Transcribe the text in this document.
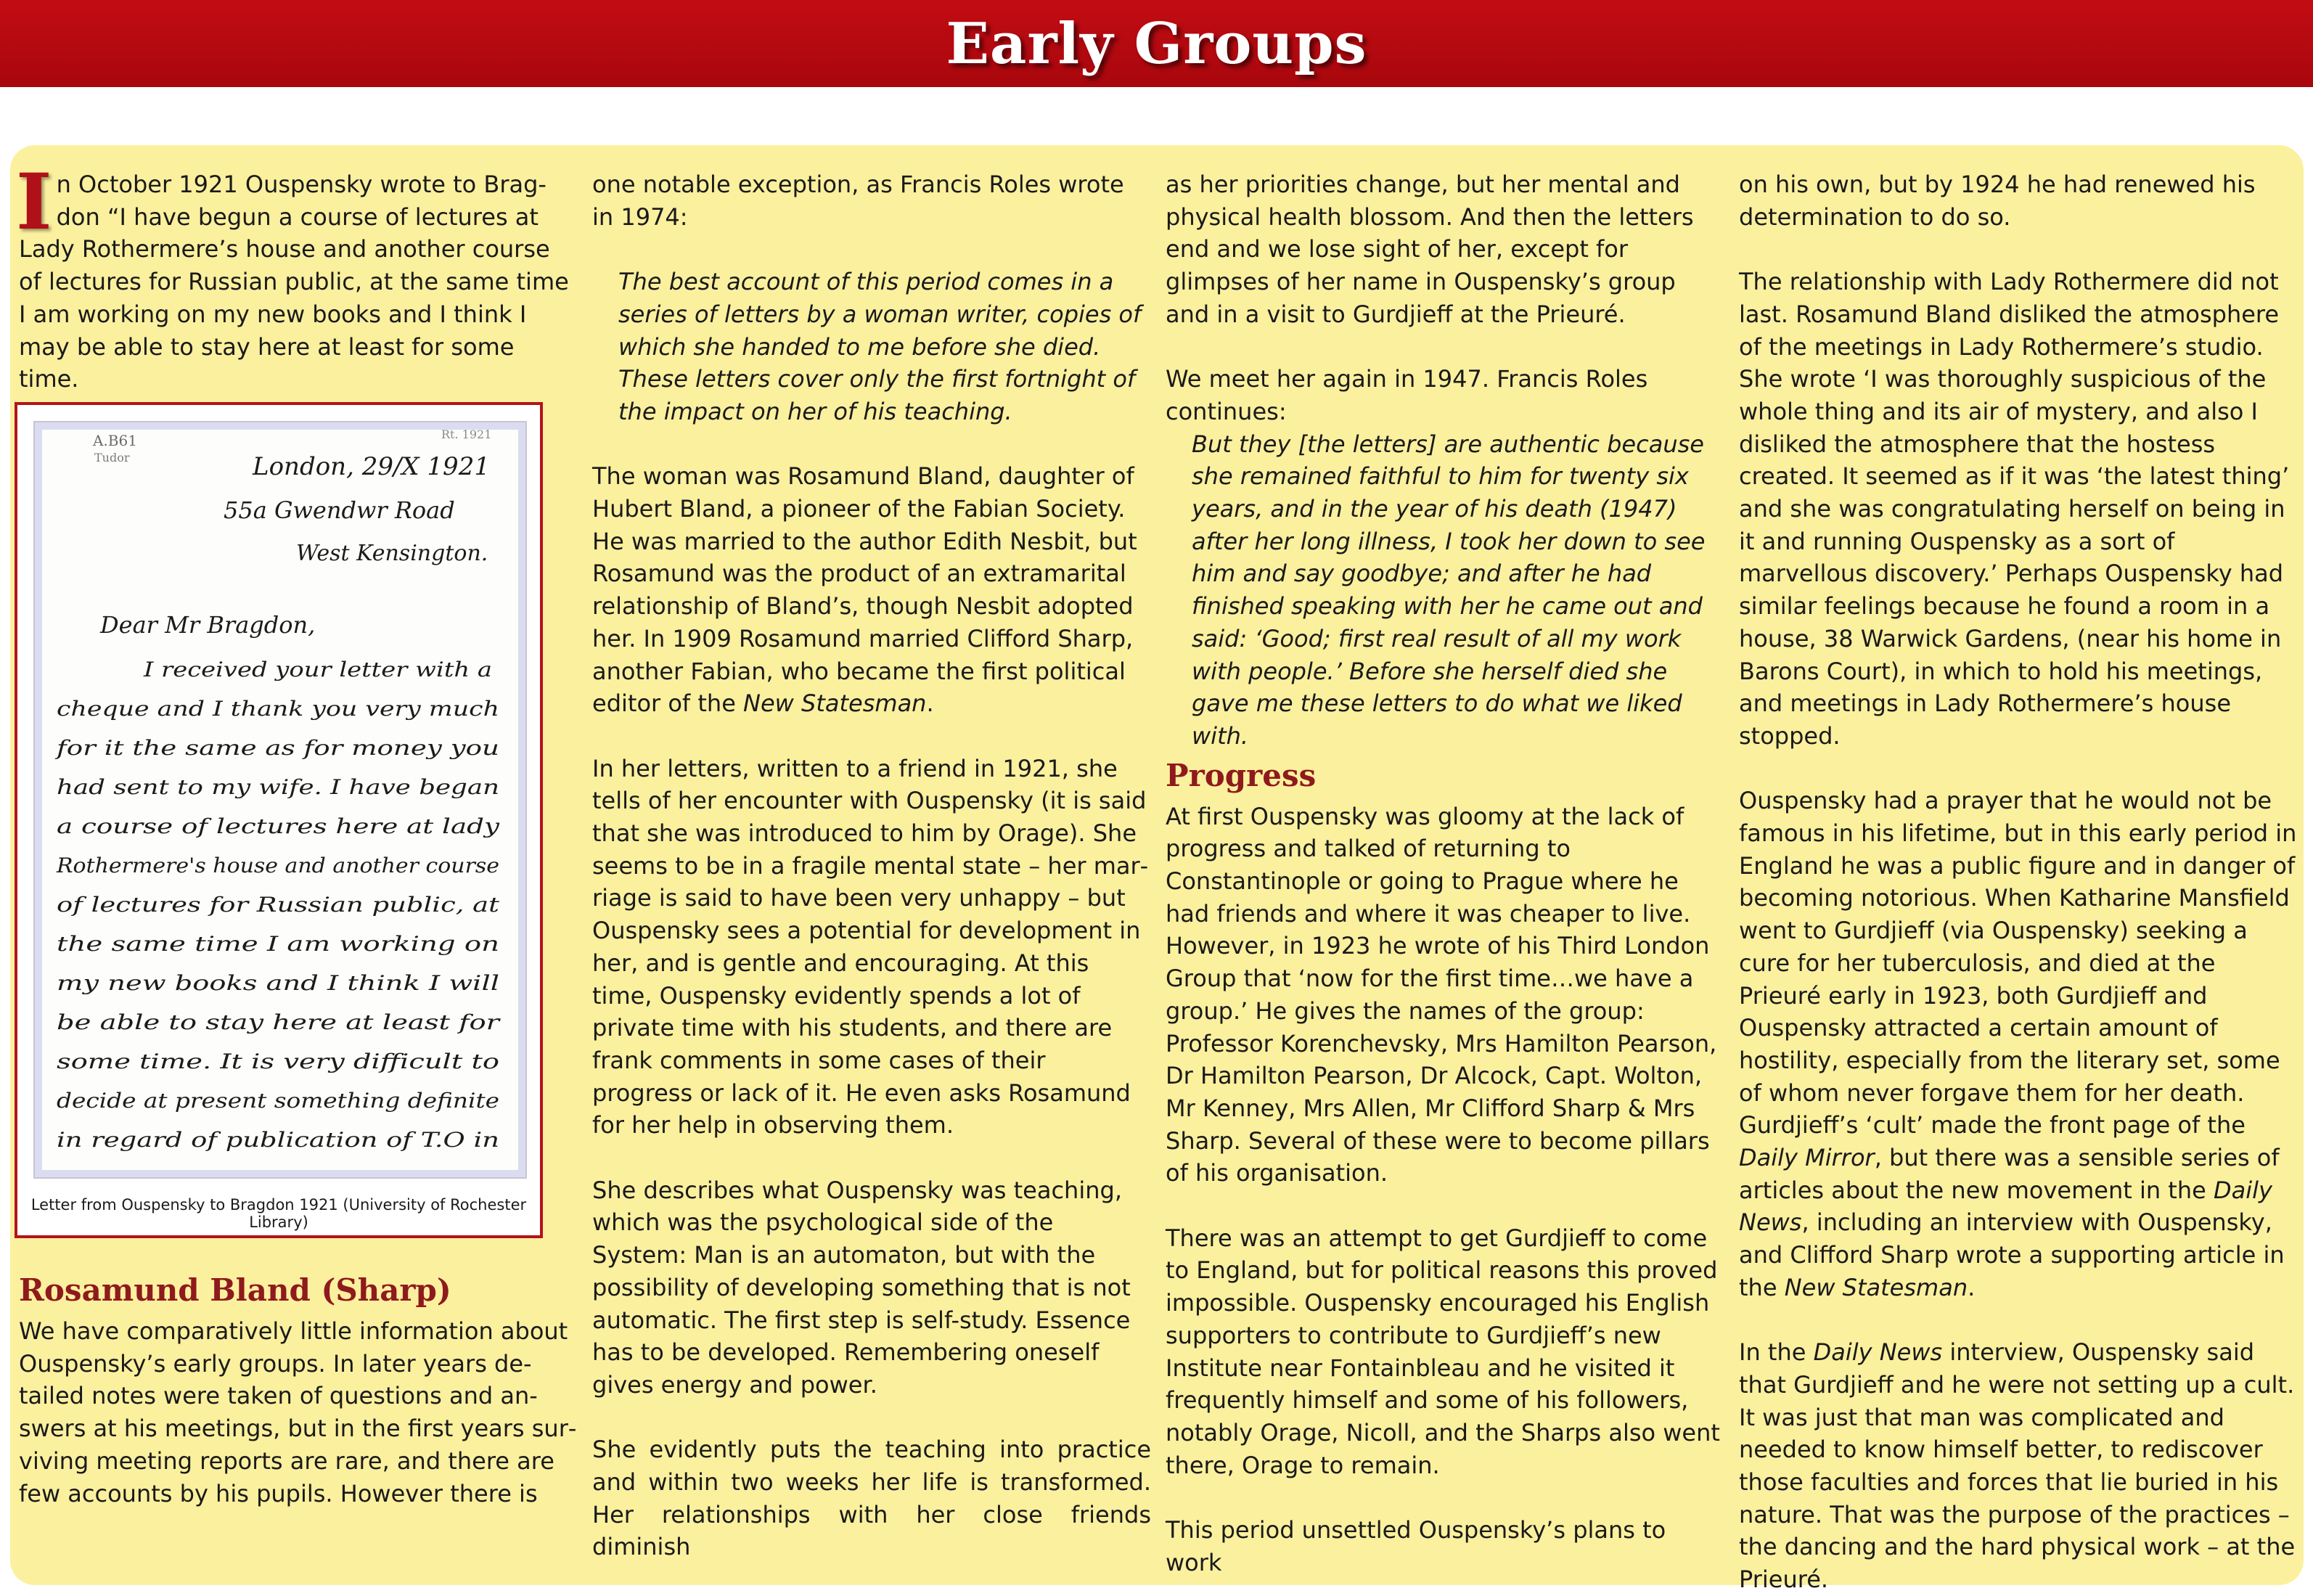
Early Groups

In October 1921 Ouspensky wrote to Bragdon “I have begun a course of lectures at Lady Rothermere’s house and another course of lectures for Russian public, at the same time I am working on my new books and I think I may be able to stay here at least for some time.

A.B61
Tudor
Rt. 1921
London, 29/X 1921
55a Gwendwr Road
West Kensington.
Dear Mr Bragdon,
I received your letter with a
cheque and I thank you very much
for it the same as for money you
had sent to my wife. I have began
a course of lectures here at lady
Rothermere's house and another course
of lectures for Russian public, at
the same time I am working on
my new books and I think I will
be able to stay here at least for
some time. It is very difficult to
decide at present something definite
in regard of publication of T.O in
Letter from Ouspensky to Bragdon 1921 (University of Rochester Library)
Rosamund Bland (Sharp)

We have comparatively little information about Ouspensky’s early groups. In later years detailed notes were taken of questions and answers at his meetings, but in the first years surviving meeting reports are rare, and there are few accounts by his pupils. However there is

one notable exception, as Francis Roles wrote in 1974:

The best account of this period comes in a series of letters by a woman writer, copies of which she handed to me before she died. These letters cover only the first fortnight of the impact on her of his teaching.

The woman was Rosamund Bland, daughter of Hubert Bland, a pioneer of the Fabian Society. He was married to the author Edith Nesbit, but Rosamund was the product of an extramarital relationship of Bland’s, though Nesbit adopted her. In 1909 Rosamund married Clifford Sharp, another Fabian, who became the first political editor of the New Statesman.

In her letters, written to a friend in 1921, she tells of her encounter with Ouspensky (it is said that she was introduced to him by Orage). She seems to be in a fragile mental state – her marriage is said to have been very unhappy – but Ouspensky sees a potential for development in her, and is gentle and encouraging. At this time, Ouspensky evidently spends a lot of private time with his students, and there are frank comments in some cases of their progress or lack of it. He even asks Rosamund for her help in observing them.

She describes what Ouspensky was teaching, which was the psychological side of the System: Man is an automaton, but with the possibility of developing something that is not automatic. The first step is self-study. Essence has to be developed. Remembering oneself gives energy and power.

She evidently puts the teaching into practice and within two weeks her life is transformed. Her relationships with her close friends diminish

as her priorities change, but her mental and physical health blossom. And then the letters end and we lose sight of her, except for glimpses of her name in Ouspensky’s group and in a visit to Gurdjieff at the Prieuré.

We meet her again in 1947. Francis Roles continues:

But they [the letters] are authentic because she remained faithful to him for twenty six years, and in the year of his death (1947) after her long illness, I took her down to see him and say goodbye; and after he had finished speaking with her he came out and said: ‘Good; first real result of all my work with people.’ Before she herself died she gave me these letters to do what we liked with.

Progress

At first Ouspensky was gloomy at the lack of progress and talked of returning to Constantinople or going to Prague where he had friends and where it was cheaper to live. However, in 1923 he wrote of his Third London Group that ‘now for the first time…we have a group.’ He gives the names of the group: Professor Korenchevsky, Mrs Hamilton Pearson, Dr Hamilton Pearson, Dr Alcock, Capt. Wolton, Mr Kenney, Mrs Allen, Mr Clifford Sharp & Mrs Sharp. Several of these were to become pillars of his organisation.

There was an attempt to get Gurdjieff to come to England, but for political reasons this proved impossible. Ouspensky encouraged his English supporters to contribute to Gurdjieff’s new Institute near Fontainbleau and he visited it frequently himself and some of his followers, notably Orage, Nicoll, and the Sharps also went there, Orage to remain.

This period unsettled Ouspensky’s plans to work

on his own, but by 1924 he had renewed his determination to do so.

The relationship with Lady Rothermere did not last. Rosamund Bland disliked the atmosphere of the meetings in Lady Rothermere’s studio. She wrote ‘I was thoroughly suspicious of the whole thing and its air of mystery, and also I disliked the atmosphere that the hostess created. It seemed as if it was ‘the latest thing’ and she was congratulating herself on being in it and running Ouspensky as a sort of marvellous discovery.’ Perhaps Ouspensky had similar feelings because he found a room in a house, 38 Warwick Gardens, (near his home in Barons Court), in which to hold his meetings, and meetings in Lady Rothermere’s house stopped.

Ouspensky had a prayer that he would not be famous in his lifetime, but in this early period in England he was a public figure and in danger of becoming notorious. When Katharine Mansfield went to Gurdjieff (via Ouspensky) seeking a cure for her tuberculosis, and died at the Prieuré early in 1923, both Gurdjieff and Ouspensky attracted a certain amount of hostility, especially from the literary set, some of whom never forgave them for her death. Gurdjieff’s ‘cult’ made the front page of the Daily Mirror, but there was a sensible series of articles about the new movement in the Daily News, including an interview with Ouspensky, and Clifford Sharp wrote a supporting article in the New Statesman.

In the Daily News interview, Ouspensky said that Gurdjieff and he were not setting up a cult. It was just that man was complicated and needed to know himself better, to rediscover those faculties and forces that lie buried in his nature. That was the purpose of the practices – the dancing and the hard physical work – at the Prieuré.
